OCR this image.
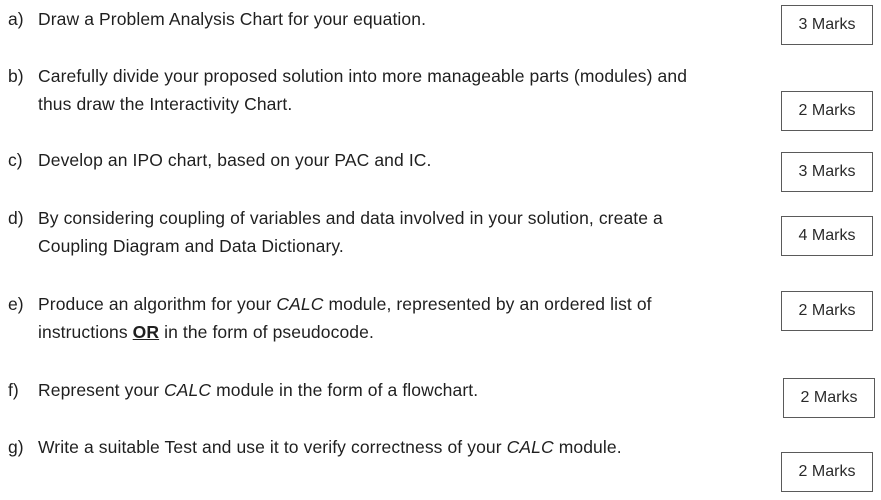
a) Draw a Problem Analysis Chart for your equation.	3 Marks
b) Carefully divide your proposed solution into more manageable parts (modules) and
thus draw the Interactivity Chart.	2 Marks
c) Develop an IPO chart, based on your PAC and IC.
3 Marks
d) By considering coupling of variables and data involved in your solution, create a
Coupling Diagram and Data Dictionary.
4 Marks
e) Produce an algorithm for your CALC module, represented by an ordered list of
instructions OR in the form of pseudocode.
2 Marks
f) Represent your CALC module in the form of a flowchart.	2 Marks
g) Write a suitable Test and use it to verify correctness of your CALC module.
2 Marks
